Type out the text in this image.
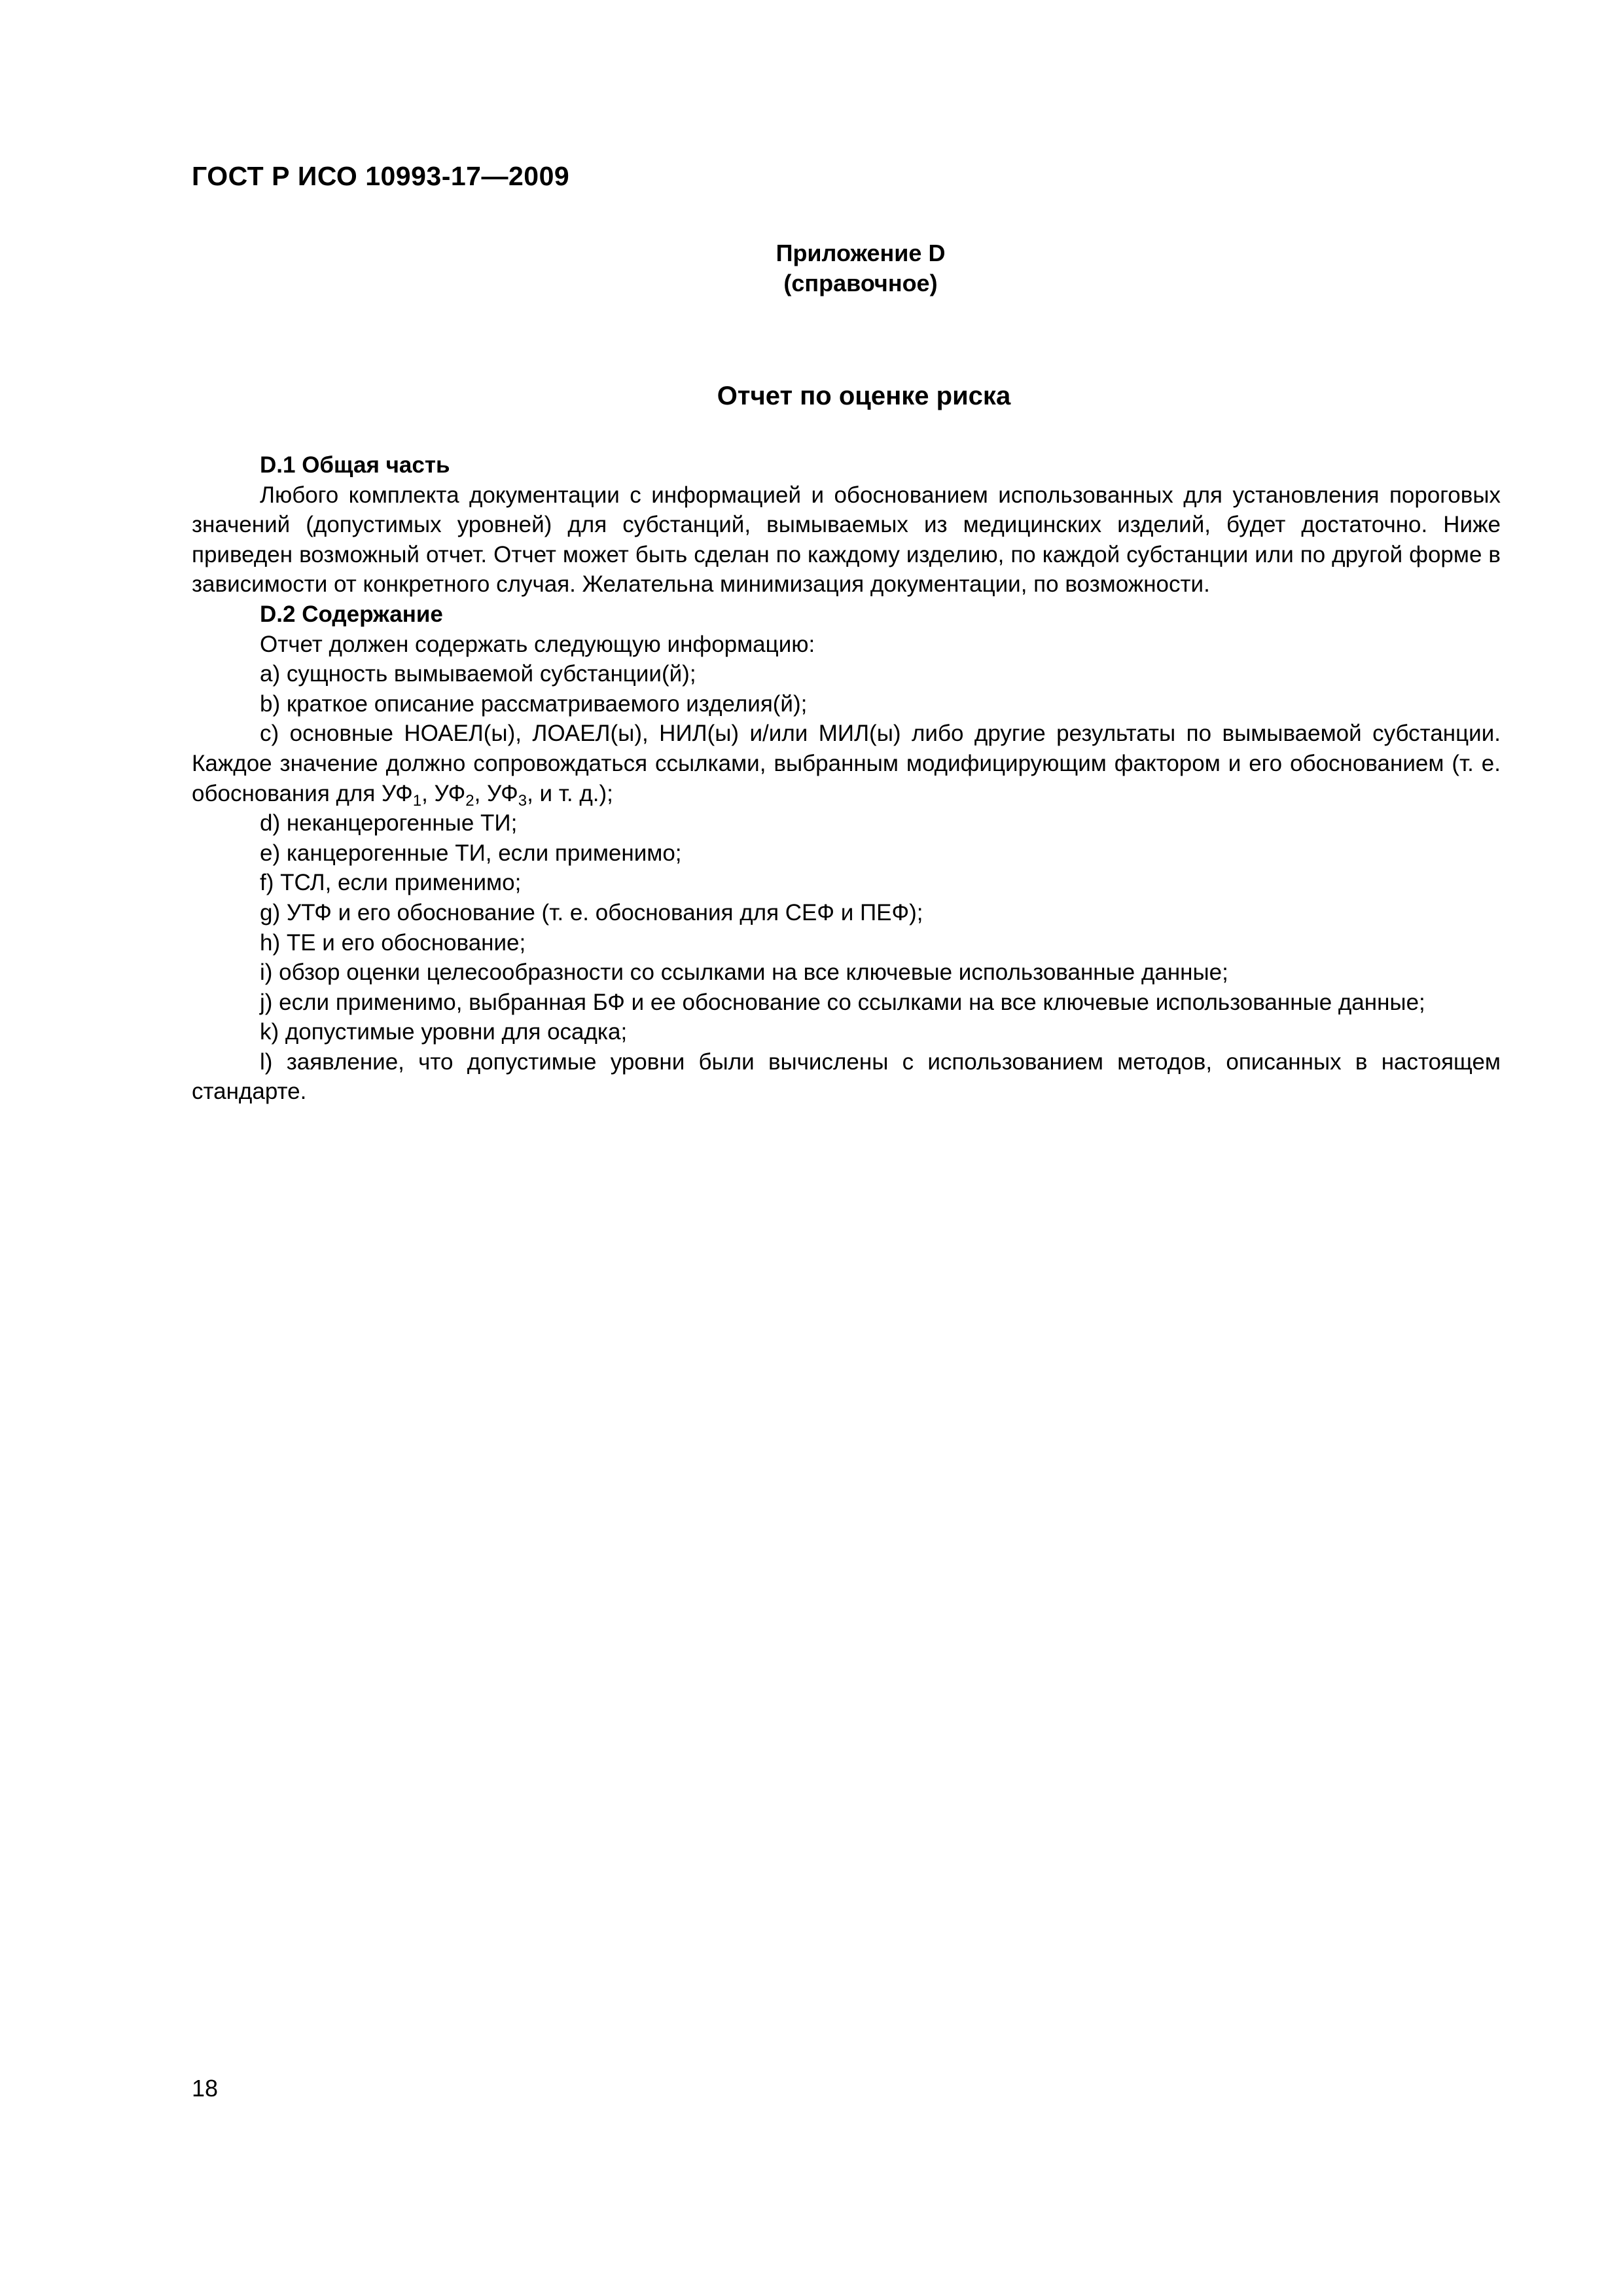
ГОСТ Р ИСО 10993-17—2009
Приложение D
(справочное)
Отчет по оценке риска

D.1 Общая часть

Любого комплекта документации с информацией и обоснованием использованных для установления пороговых значений (допустимых уровней) для субстанций, вымываемых из медицинских изделий, будет достаточно. Ниже приведен возможный отчет. Отчет может быть сделан по каждому изделию, по каждой субстанции или по другой форме в зависимости от конкретного случая. Желательна минимизация документации, по возможности.

D.2 Содержание

Отчет должен содержать следующую информацию:

a) сущность вымываемой субстанции(й);

b) краткое описание рассматриваемого изделия(й);

c) основные НОАЕЛ(ы), ЛОАЕЛ(ы), НИЛ(ы) и/или МИЛ(ы) либо другие результаты по вымываемой субстанции. Каждое значение должно сопровождаться ссылками, выбранным модифицирующим фактором и его обоснованием (т. е. обоснования для $УФ_1$, $УФ_2$, $УФ_3$, и т. д.);

d) неканцерогенные ТИ;

e) канцерогенные ТИ, если применимо;

f) ТСЛ, если применимо;

g) УТФ и его обоснование (т. е. обоснования для СЕФ и ПЕФ);

h) ТЕ и его обоснование;

i) обзор оценки целесообразности со ссылками на все ключевые использованные данные;

j) если применимо, выбранная БФ и ее обоснование со ссылками на все ключевые использованные данные;

k) допустимые уровни для осадка;

l) заявление, что допустимые уровни были вычислены с использованием методов, описанных в настоящем стандарте.

18
